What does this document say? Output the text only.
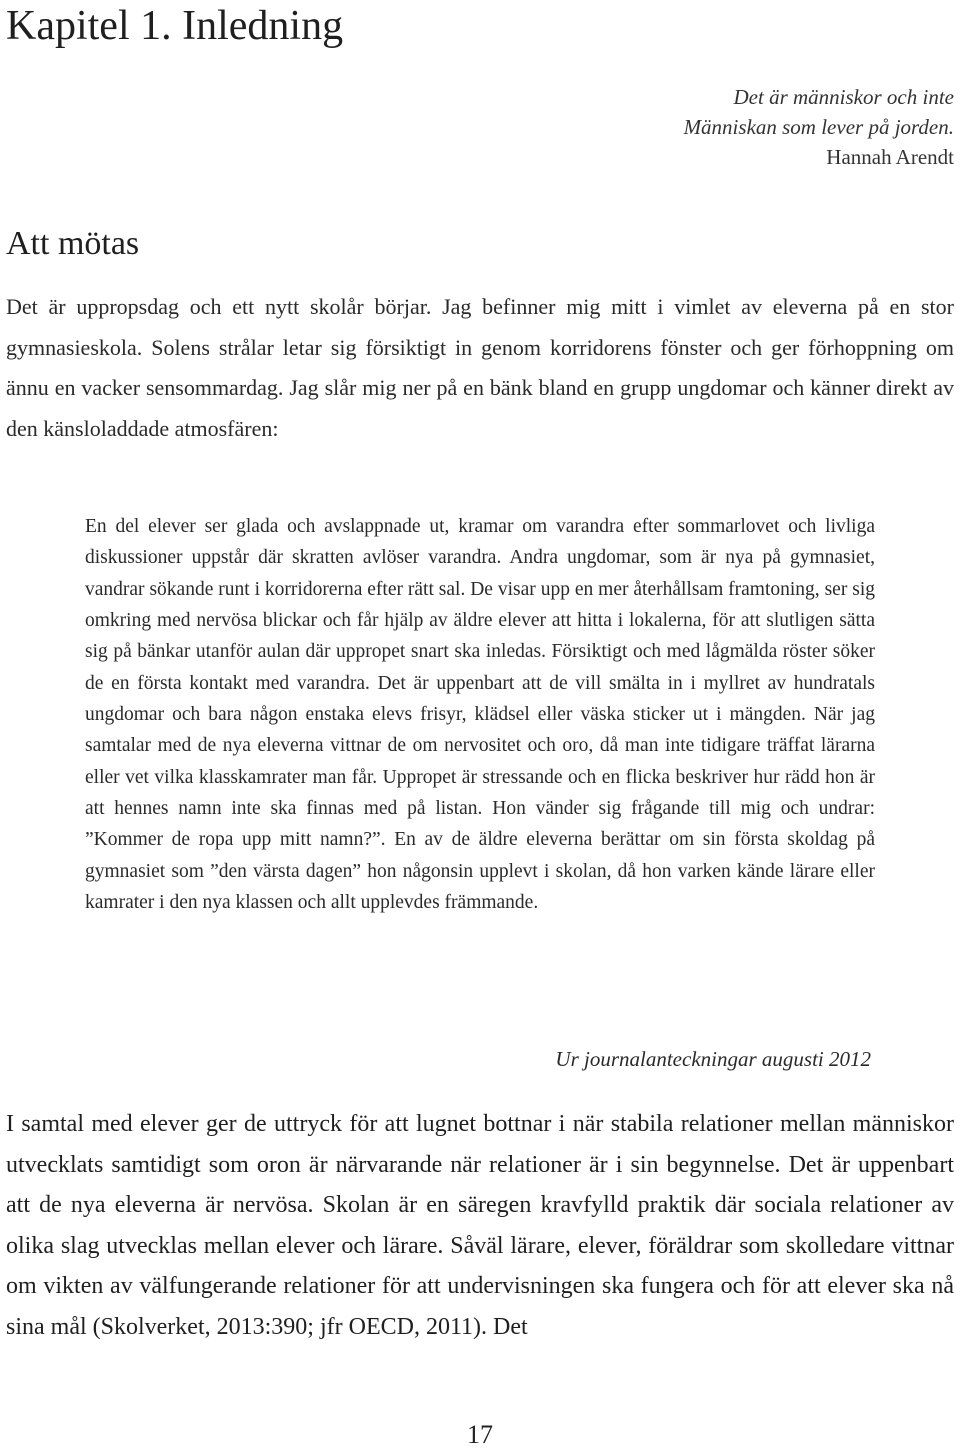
Kapitel 1. Inledning
Det är människor och inte
Människan som lever på jorden.
Hannah Arendt
Att mötas

Det är uppropsdag och ett nytt skolår börjar. Jag befinner mig mitt i vimlet av eleverna på en stor gymnasieskola. Solens strålar letar sig försiktigt in genom korridorens fönster och ger förhoppning om ännu en vacker sensommardag. Jag slår mig ner på en bänk bland en grupp ungdomar och känner direkt av den känsloladdade atmosfären:

En del elever ser glada och avslappnade ut, kramar om varandra efter sommarlovet och livliga diskussioner uppstår där skratten avlöser varandra. Andra ungdomar, som är nya på gymnasiet, vandrar sökande runt i korridorerna efter rätt sal. De visar upp en mer återhållsam framtoning, ser sig omkring med nervösa blickar och får hjälp av äldre elever att hitta i lokalerna, för att slutligen sätta sig på bänkar utanför aulan där uppropet snart ska inledas. Försiktigt och med lågmälda röster söker de en första kontakt med varandra. Det är uppenbart att de vill smälta in i myllret av hundratals ungdomar och bara någon enstaka elevs frisyr, klädsel eller väska sticker ut i mängden. När jag samtalar med de nya eleverna vittnar de om nervositet och oro, då man inte tidigare träffat lärarna eller vet vilka klasskamrater man får. Uppropet är stressande och en flicka beskriver hur rädd hon är att hennes namn inte ska finnas med på listan. Hon vänder sig frågande till mig och undrar: ”Kommer de ropa upp mitt namn?”. En av de äldre eleverna berättar om sin första skoldag på gymnasiet som ”den värsta dagen” hon någonsin upplevt i skolan, då hon varken kände lärare eller kamrater i den nya klassen och allt upplevdes främmande.

Ur journalanteckningar augusti 2012

I samtal med elever ger de uttryck för att lugnet bottnar i när stabila relationer mellan människor utvecklats samtidigt som oron är närvarande när relationer är i sin begynnelse. Det är uppenbart att de nya eleverna är nervösa. Skolan är en säregen kravfylld praktik där sociala relationer av olika slag utvecklas mellan elever och lärare. Såväl lärare, elever, föräldrar som skolledare vittnar om vikten av välfungerande relationer för att undervisningen ska fungera och för att elever ska nå sina mål (Skolverket, 2013:390; jfr OECD, 2011). Det

17
